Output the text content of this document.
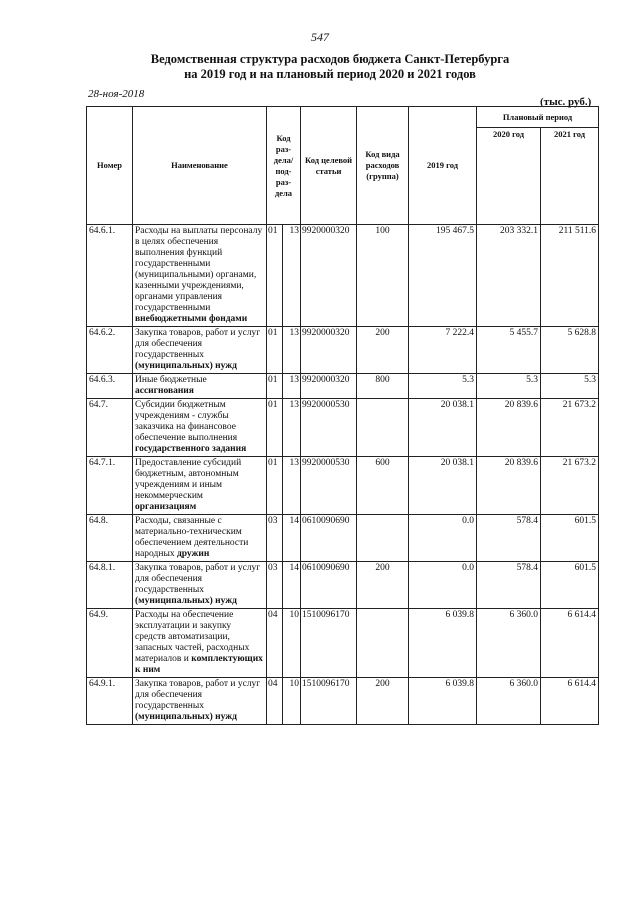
547
Ведомственная структура расходов бюджета Санкт-Петербурга
на 2019 год и на плановый период 2020 и 2021 годов
28-ноя-2018
(тыс. руб.)
Номер	Наименование	Код раз- дела/ под- раз- дела		Код целевой статьи	Код вида расходов (группа)	2019 год	Плановый период	
							2020 год	2021 год
64.6.1.	Расходы на выплаты персоналу в целях обеспечения выполнения функций государственными (муниципальными) органами, казенными учреждениями, органами управления государственными внебюджетными фондами	01	13	9920000320	100	195 467.5	203 332.1	211 511.6
64.6.2.	Закупка товаров, работ и услуг для обеспечения государственных (муниципальных) нужд	01	13	9920000320	200	7 222.4	5 455.7	5 628.8
64.6.3.	Иные бюджетные ассигнования	01	13	9920000320	800	5.3	5.3	5.3
64.7.	Субсидии бюджетным учреждениям - службы заказчика на финансовое обеспечение выполнения государственного задания	01	13	9920000530		20 038.1	20 839.6	21 673.2
64.7.1.	Предоставление субсидий бюджетным, автономным учреждениям и иным некоммерческим организациям	01	13	9920000530	600	20 038.1	20 839.6	21 673.2
64.8.	Расходы, связанные с материально-техническим обеспечением деятельности народных дружин	03	14	0610090690		0.0	578.4	601.5
64.8.1.	Закупка товаров, работ и услуг для обеспечения государственных (муниципальных) нужд	03	14	0610090690	200	0.0	578.4	601.5
64.9.	Расходы на обеспечение эксплуатации и закупку средств автоматизации, запасных частей, расходных материалов и комплектующих к ним	04	10	1510096170		6 039.8	6 360.0	6 614.4
64.9.1.	Закупка товаров, работ и услуг для обеспечения государственных (муниципальных) нужд	04	10	1510096170	200	6 039.8	6 360.0	6 614.4
